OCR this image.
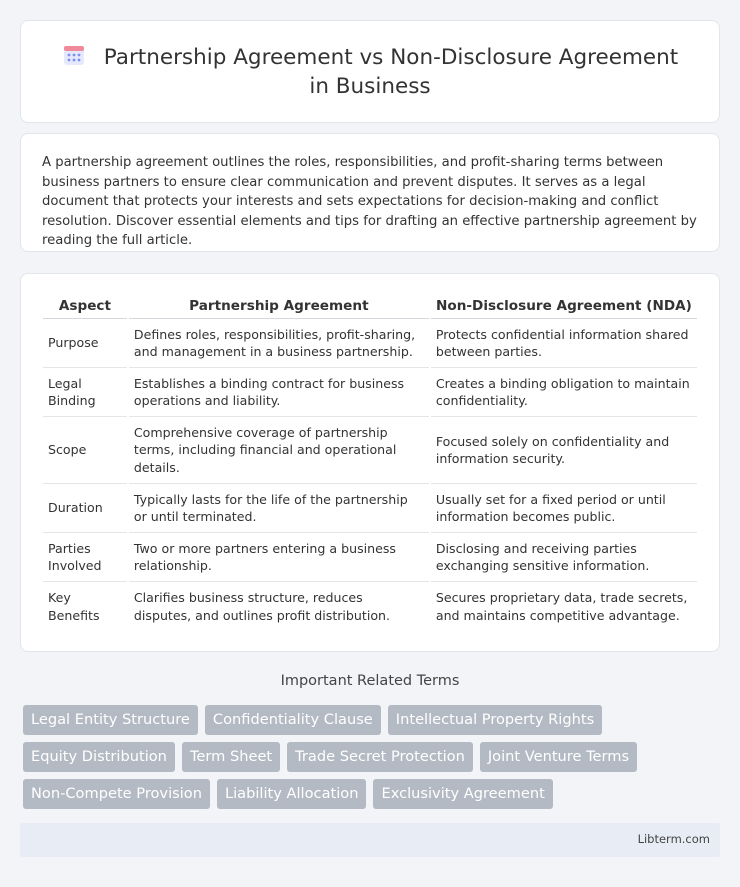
Partnership Agreement vs Non-Disclosure Agreement in Business

A partnership agreement outlines the roles, responsibilities, and profit-sharing terms between business partners to ensure clear communication and prevent disputes. It serves as a legal document that protects your interests and sets expectations for decision-making and conflict resolution. Discover essential elements and tips for drafting an effective partnership agreement by reading the full article.

Aspect	Partnership Agreement	Non-Disclosure Agreement (NDA)
Purpose	Defines roles, responsibilities, profit-sharing, and management in a business partnership.	Protects confidential information shared between parties.
Legal Binding	Establishes a binding contract for business operations and liability.	Creates a binding obligation to maintain confidentiality.
Scope	Comprehensive coverage of partnership terms, including financial and operational details.	Focused solely on confidentiality and information security.
Duration	Typically lasts for the life of the partnership or until terminated.	Usually set for a fixed period or until information becomes public.
Parties Involved	Two or more partners entering a business relationship.	Disclosing and receiving parties exchanging sensitive information.
Key Benefits	Clarifies business structure, reduces disputes, and outlines profit distribution.	Secures proprietary data, trade secrets, and maintains competitive advantage.
Important Related Terms
Legal Entity Structure	Confidentiality Clause	Intellectual Property Rights
Equity Distribution	Term Sheet	Trade Secret Protection	Joint Venture Terms
Non-Compete Provision	Liability Allocation	Exclusivity Agreement
Libterm.com
